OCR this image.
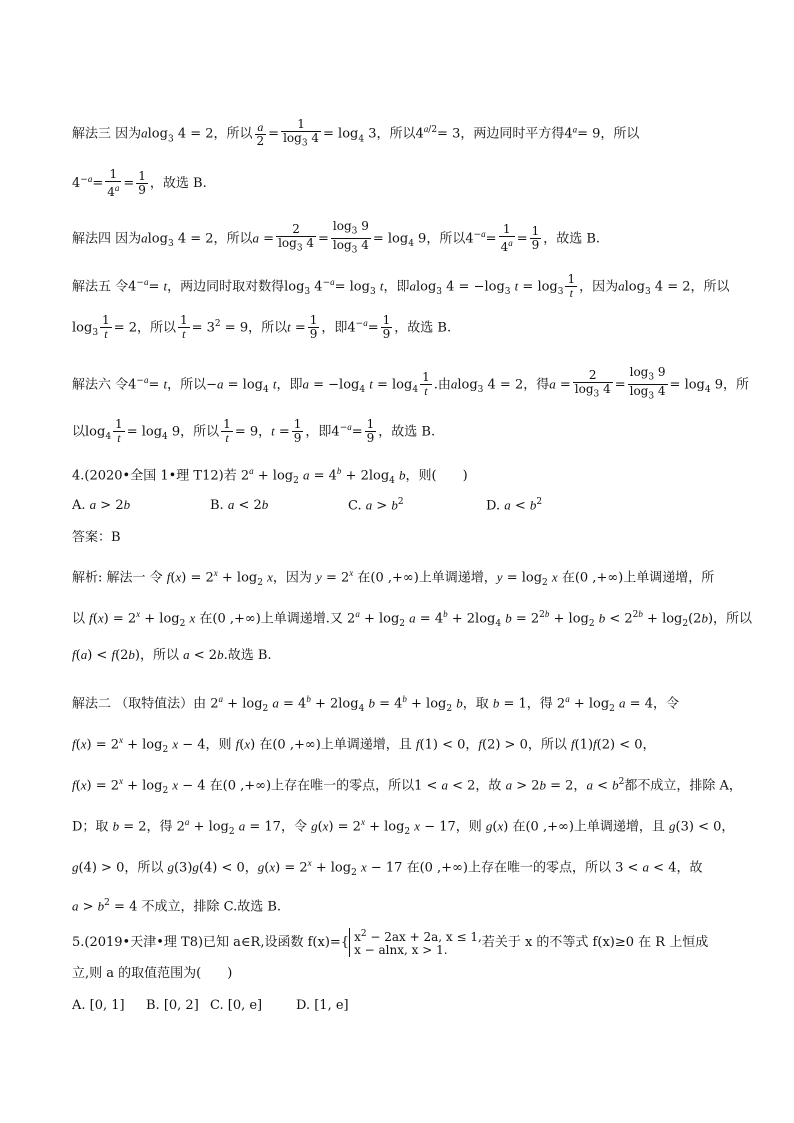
解法三 因为alog$_3$ 4 = 2，所以 $\frac{a}{2} = \frac{1}{\log_3 4} = \log_4 3$，所以$4^{a/2}= 3$，两边同时平方得$4^a= 9$，所以
$4^{-a}= \frac{1}{4^a} = \frac{1}{9}$ ，故选 B.
解法四 因为alog$_3$ 4 = 2，所以$a = \frac{2}{\log_3 4} = \frac{\log_3 9}{\log_3 4} = \log_4 9$，所以$4^{-a}= \frac{1}{4^a} = \frac{1}{9}$ ，故选 B.
解法五 令$4^{-a}= t$，两边同时取对数得$\log_3 4^{-a}= \log_3 t$，即alog$_3$ $4 = -\log_3$ $t = \log_3 \frac{1}{t}$ ，因为alog$_3$ 4 = 2，所以
$\log_3 \frac{1}{t} = 2$，所以 $\frac{1}{t} = 3^2 = 9$，所以$t = \frac{1}{9}$ ，即$4^{-a}= \frac{1}{9}$ ，故选 B.
解法六 令$4^{-a}= t$，所以$-a = \log_4 t$，即$a = -\log_4$ $t = \log_4 \frac{1}{t}$ .由alog$_3$ 4 = 2，得$a = \frac{2}{\log_3 4} = \frac{\log_3 9}{\log_3 4} = \log_4 9$，所
以$\log_4 \frac{1}{t} = \log_4 9$，所以 $\frac{1}{t} = 9$，$t = \frac{1}{9}$ ，即$4^{-a}= \frac{1}{9}$ ，故选 B.
4.(2020•全国 1•理 T12)若 $2^a + \log_2 a = 4^b + 2\log_4$ b，则(　　)
A. a > 2b	B. a < 2b	C. $a > b^2$	D. $a < b^2$
答案：B
解析: 解法一 令 $f(x) = 2^x + \log_2 x$，因为 $y = 2^x$ 在(0 ,+∞)上单调递增，$y = \log_2 x$ 在(0 ,+∞)上单调递增，所
以 $f(x) = 2^x + \log_2 x$ 在(0 ,+∞)上单调递增.又 $2^a + \log_2 a = 4^b + 2\log_4$ $b = 2^{2b} + \log_2 b < 2^{2b} + \log_2(2b)$，所以
f(a) < f(2b)，所以 a < 2b.故选 B.
解法二 （取特值法）由 $2^a + \log_2 a = 4^b + 2\log_4$ $b = 4^b + \log_2 b$，取 b = 1，得 $2^a + \log_2 a = 4$，令
$f(x) = 2^x + \log_2 x - 4$，则 f(x) 在(0 ,+∞)上单调递增，且 f(1) < 0，f(2) > 0，所以 f(1)f(2) < 0，
$f(x) = 2^x + \log_2 x - 4$ 在(0 ,+∞)上存在唯一的零点，所以1 < a < 2，故 a > 2b = 2，$a < b^2$都不成立，排除 A，
D；取 b = 2，得 $2^a + \log_2 a = 17$，令 $g(x) = 2^x + \log_2 x - 17$，则 g(x) 在(0 ,+∞)上单调递增，且 g(3) < 0，
g(4) > 0，所以 g(3)g(4) < 0，$g(x) = 2^x + \log_2 x - 17$ 在(0 ,+∞)上存在唯一的零点，所以 3 < a < 4，故
$a > b^2 = 4$ 不成立，排除 C.故选 B.
5.(2019•天津•理 T8)已知 a∈R,设函数 f(x)={ $x^2 - 2ax + 2a$, x ≤ 1,
x − alnx, x > 1.	若关于 x 的不等式 f(x)≥0 在 R 上恒成
立,则 a 的取值范围为(　　)
A. [0, 1] B. [0, 2] C. [0, e]	D. [1, e]
